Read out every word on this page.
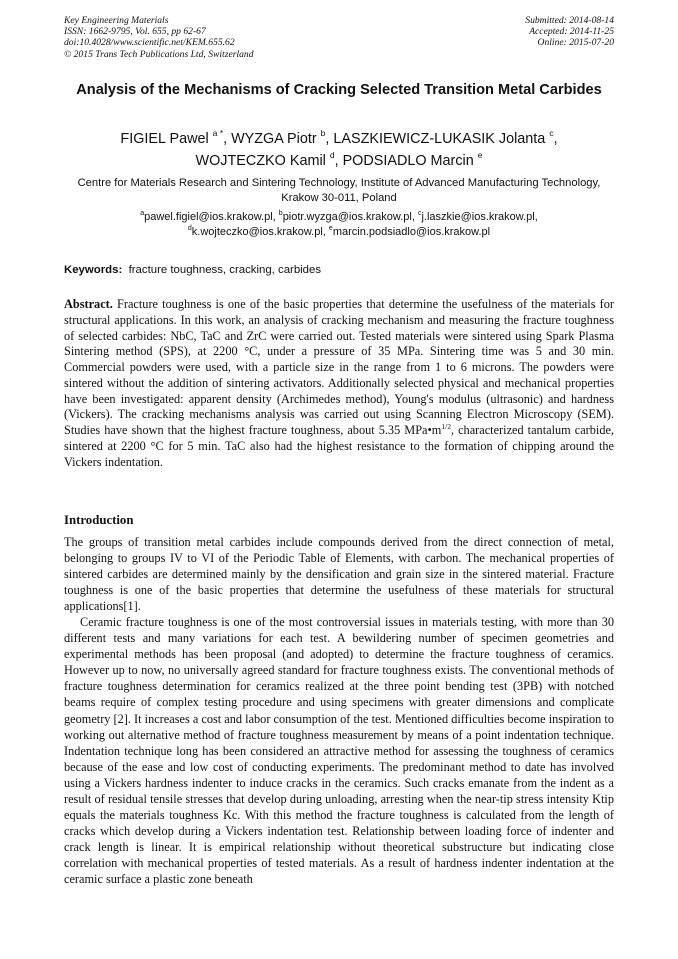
Key Engineering Materials
ISSN: 1662-9795, Vol. 655, pp 62-67
doi:10.4028/www.scientific.net/KEM.655.62
© 2015 Trans Tech Publications Ltd, Switzerland
Submitted: 2014-08-14
Accepted: 2014-11-25
Online: 2015-07-20
Analysis of the Mechanisms of Cracking Selected Transition Metal Carbides
FIGIEL Pawel $^{a *}$, WYZGA Piotr $^b$, LASZKIEWICZ-LUKASIK Jolanta $^c$,
WOJTECZKO Kamil $^d$, PODSIADLO Marcin $^e$
Centre for Materials Research and Sintering Technology, Institute of Advanced Manufacturing Technology, Krakow 30-011, Poland
$^a$pawel.figiel@ios.krakow.pl, $^b$piotr.wyzga@ios.krakow.pl, $^c$j.laszkie@ios.krakow.pl,
$^d$k.wojteczko@ios.krakow.pl, $^e$marcin.podsiadlo@ios.krakow.pl
Keywords: fracture toughness, cracking, carbides
Abstract. Fracture toughness is one of the basic properties that determine the usefulness of the materials for structural applications. In this work, an analysis of cracking mechanism and measuring the fracture toughness of selected carbides: NbC, TaC and ZrC were carried out. Tested materials were sintered using Spark Plasma Sintering method (SPS), at 2200 °C, under a pressure of 35 MPa. Sintering time was 5 and 30 min. Commercial powders were used, with a particle size in the range from 1 to 6 microns. The powders were sintered without the addition of sintering activators. Additionally selected physical and mechanical properties have been investigated: apparent density (Archimedes method), Young's modulus (ultrasonic) and hardness (Vickers). The cracking mechanisms analysis was carried out using Scanning Electron Microscopy (SEM). Studies have shown that the highest fracture toughness, about 5.35 $MPa•m^{1/2}$, characterized tantalum carbide, sintered at 2200 °C for 5 min. TaC also had the highest resistance to the formation of chipping around the Vickers indentation.
Introduction

The groups of transition metal carbides include compounds derived from the direct connection of metal, belonging to groups IV to VI of the Periodic Table of Elements, with carbon. The mechanical properties of sintered carbides are determined mainly by the densification and grain size in the sintered material. Fracture toughness is one of the basic properties that determine the usefulness of these materials for structural applications[1].

Ceramic fracture toughness is one of the most controversial issues in materials testing, with more than 30 different tests and many variations for each test. A bewildering number of specimen geometries and experimental methods has been proposal (and adopted) to determine the fracture toughness of ceramics. However up to now, no universally agreed standard for fracture toughness exists. The conventional methods of fracture toughness determination for ceramics realized at the three point bending test (3PB) with notched beams require of complex testing procedure and using specimens with greater dimensions and complicate geometry [2]. It increases a cost and labor consumption of the test. Mentioned difficulties become inspiration to working out alternative method of fracture toughness measurement by means of a point indentation technique. Indentation technique long has been considered an attractive method for assessing the toughness of ceramics because of the ease and low cost of conducting experiments. The predominant method to date has involved using a Vickers hardness indenter to induce cracks in the ceramics. Such cracks emanate from the indent as a result of residual tensile stresses that develop during unloading, arresting when the near-tip stress intensity Ktip equals the materials toughness Kc. With this method the fracture toughness is calculated from the length of cracks which develop during a Vickers indentation test. Relationship between loading force of indenter and crack length is linear. It is empirical relationship without theoretical substructure but indicating close correlation with mechanical properties of tested materials. As a result of hardness indenter indentation at the ceramic surface a plastic zone beneath
